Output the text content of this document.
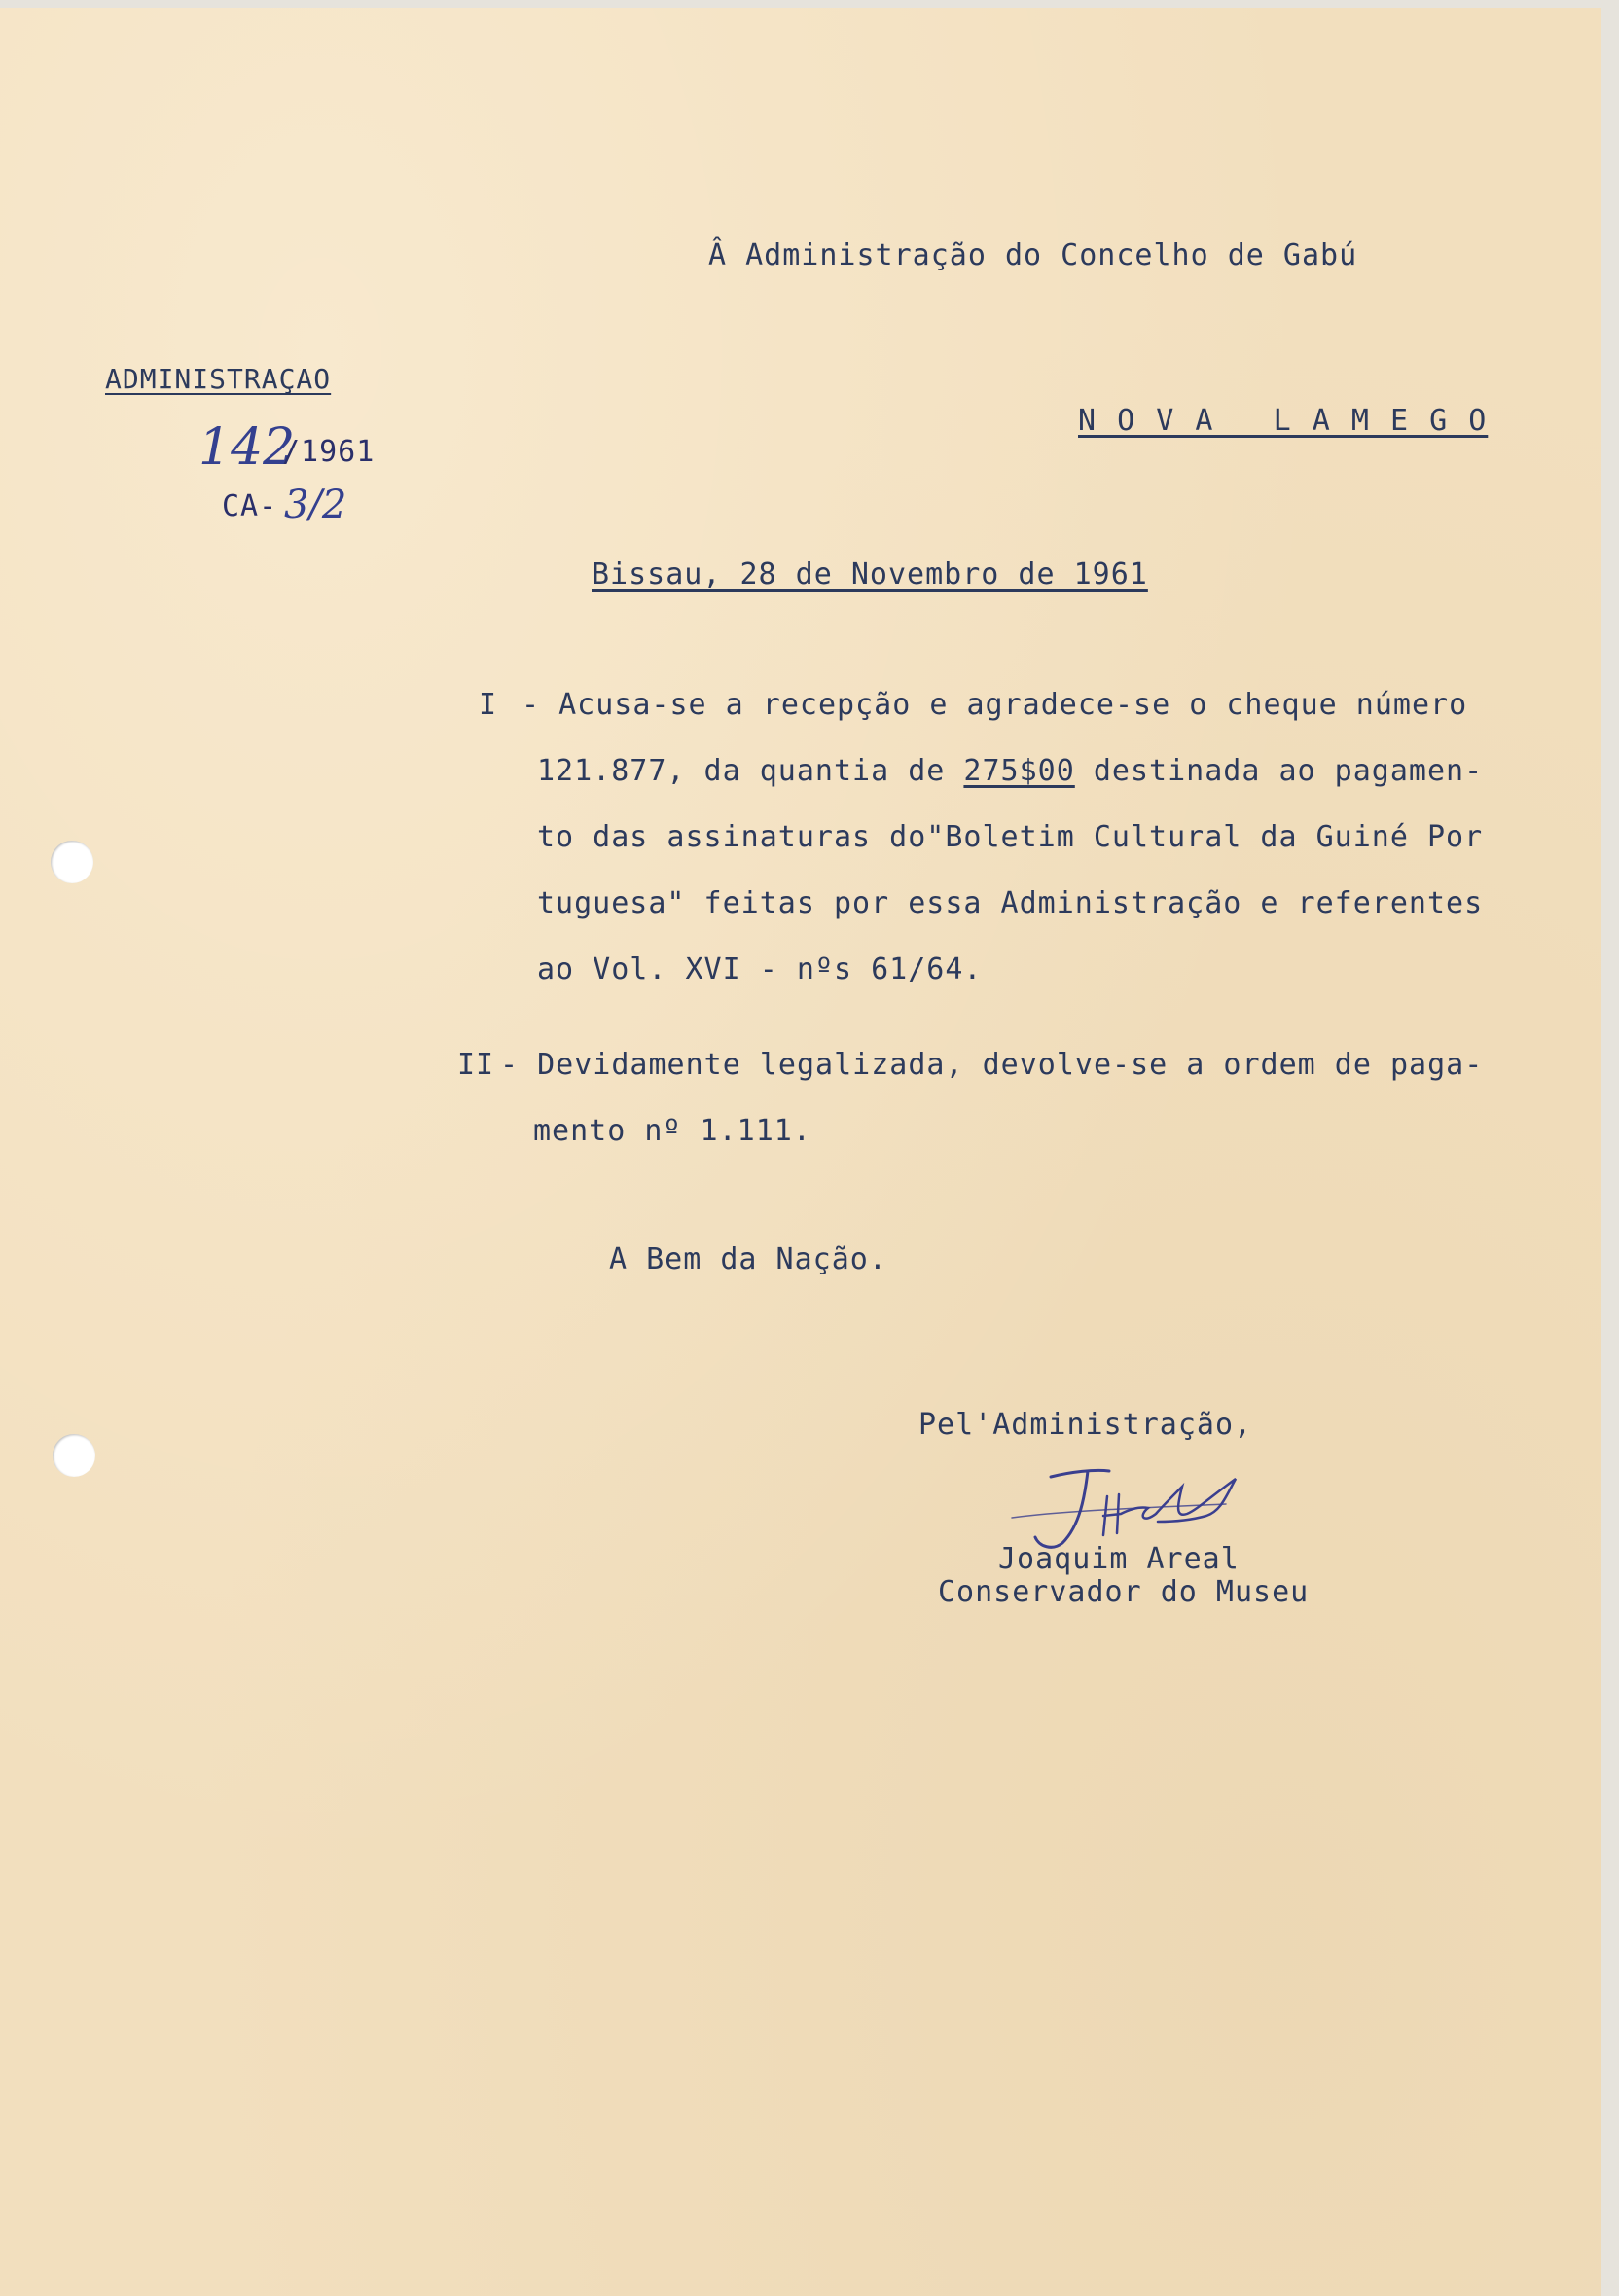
Â Administração do Concelho de Gabú
N O V A   L A M E G O
ADMINISTRAÇAO
142
/1961
CA- 3/2
Bissau, 28 de Novembro de 1961
I - Acusa-se a recepção e agradece-se o cheque número
121.877, da quantia de 275$00 destinada ao pagamen-
to das assinaturas do"Boletim Cultural da Guiné Por
tuguesa" feitas por essa Administração e referentes
ao Vol. XVI - nºs 61/64.
II - Devidamente legalizada, devolve-se a ordem de paga-
mento nº 1.111.
A Bem da Nação.
Pel'Administração,
Joaquim Areal
Conservador do Museu
